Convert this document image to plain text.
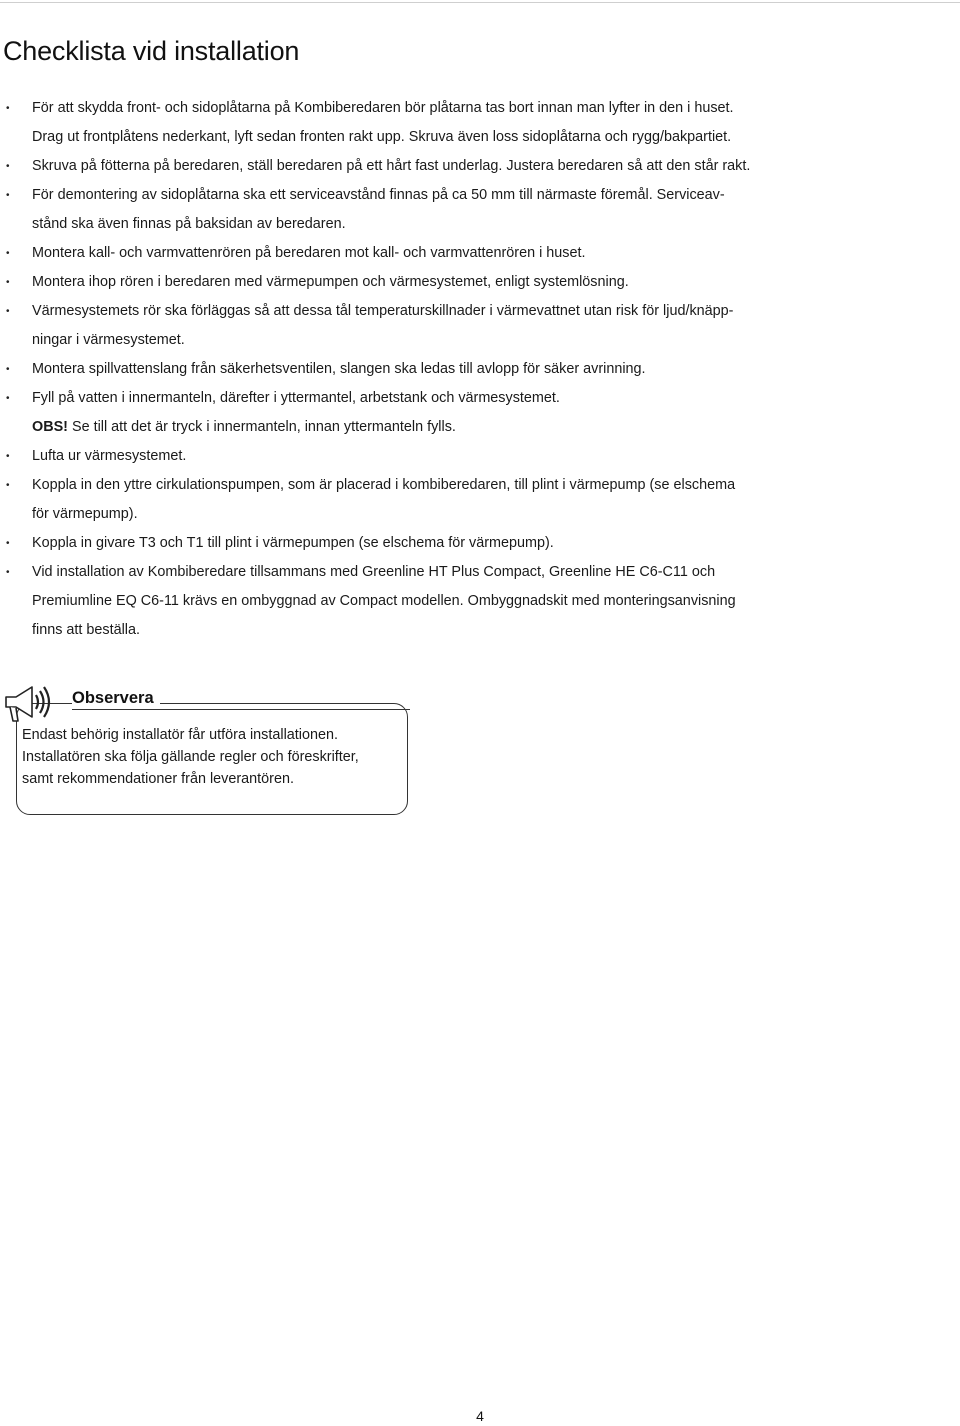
Checklista vid installation
• För att skydda front- och sidoplåtarna på Kombiberedaren bör plåtarna tas bort innan man lyfter in den i huset.
Drag ut frontplåtens nederkant, lyft sedan fronten rakt upp. Skruva även loss sidoplåtarna och rygg/bakpartiet.
• Skruva på fötterna på beredaren, ställ beredaren på ett hårt fast underlag. Justera beredaren så att den står rakt.
• För demontering av sidoplåtarna ska ett serviceavstånd finnas på ca 50 mm till närmaste föremål. Serviceav-
stånd ska även finnas på baksidan av beredaren.
• Montera kall- och varmvattenrören på beredaren mot kall- och varmvattenrören i huset.
• Montera ihop rören i beredaren med värmepumpen och värmesystemet, enligt systemlösning.
• Värmesystemets rör ska förläggas så att dessa tål temperaturskillnader i värmevattnet utan risk för ljud/knäpp-
ningar i värmesystemet.
• Montera spillvattenslang från säkerhetsventilen, slangen ska ledas till avlopp för säker avrinning.
• Fyll på vatten i innermanteln, därefter i yttermantel, arbetstank och värmesystemet.
OBS! Se till att det är tryck i innermanteln, innan yttermanteln fylls.
• Lufta ur värmesystemet.
• Koppla in den yttre cirkulationspumpen, som är placerad i kombiberedaren, till plint i värmepump (se elschema
för värmepump).
• Koppla in givare T3 och T1 till plint i värmepumpen (se elschema för värmepump).
• Vid installation av Kombiberedare tillsammans med Greenline HT Plus Compact, Greenline HE C6-C11 och
Premiumline EQ C6-11 krävs en ombyggnad av Compact modellen. Ombyggnadskit med monteringsanvisning
finns att beställa.
Observera
Endast behörig installatör får utföra installationen.
Installatören ska följa gällande regler och föreskrifter,
samt rekommendationer från leverantören.
4
